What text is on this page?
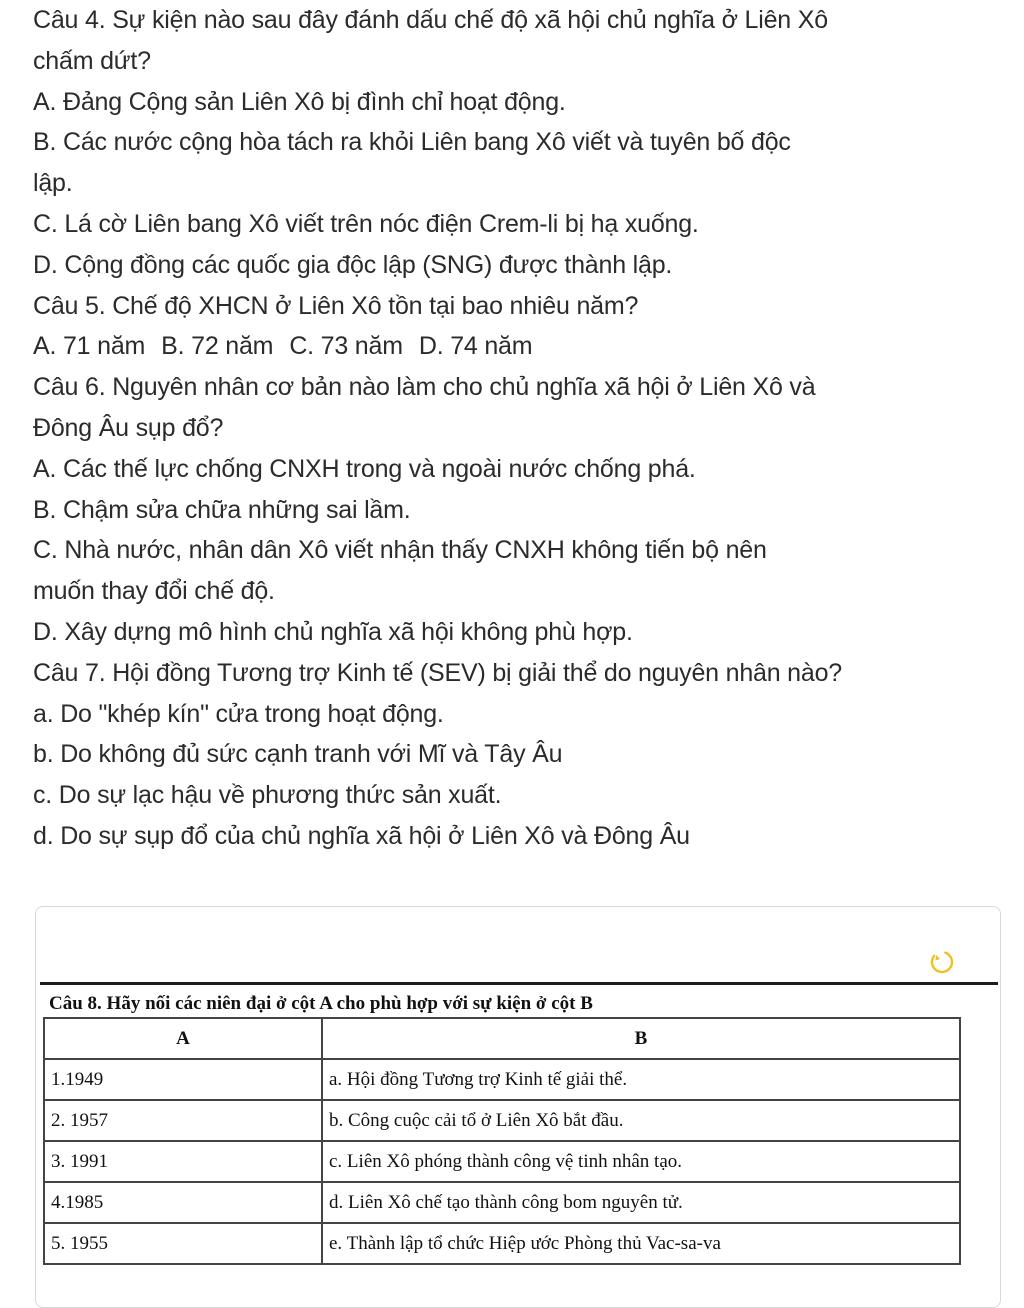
Câu 4. Sự kiện nào sau đây đánh dấu chế độ xã hội chủ nghĩa ở Liên Xô
chấm dứt?
A. Đảng Cộng sản Liên Xô bị đình chỉ hoạt động.
B. Các nước cộng hòa tách ra khỏi Liên bang Xô viết và tuyên bố độc
lập.
C. Lá cờ Liên bang Xô viết trên nóc điện Crem-li bị hạ xuống.
D. Cộng đồng các quốc gia độc lập (SNG) được thành lập.
Câu 5. Chế độ XHCN ở Liên Xô tồn tại bao nhiêu năm?
A. 71 năm B. 72 năm C. 73 năm D. 74 năm
Câu 6. Nguyên nhân cơ bản nào làm cho chủ nghĩa xã hội ở Liên Xô và
Đông Âu sụp đổ?
A. Các thế lực chống CNXH trong và ngoài nước chống phá.
B. Chậm sửa chữa những sai lầm.
C. Nhà nước, nhân dân Xô viết nhận thấy CNXH không tiến bộ nên
muốn thay đổi chế độ.
D. Xây dựng mô hình chủ nghĩa xã hội không phù hợp.
Câu 7. Hội đồng Tương trợ Kinh tế (SEV) bị giải thể do nguyên nhân nào?
a. Do "khép kín" cửa trong hoạt động.
b. Do không đủ sức cạnh tranh với Mĩ và Tây Âu
c. Do sự lạc hậu về phương thức sản xuất.
d. Do sự sụp đổ của chủ nghĩa xã hội ở Liên Xô và Đông Âu
Câu 8. Hãy nối các niên đại ở cột A cho phù hợp với sự kiện ở cột B
A	B
1.1949	a. Hội đồng Tương trợ Kinh tế giải thể.
2. 1957	b. Công cuộc cải tổ ở Liên Xô bắt đầu.
3. 1991	c. Liên Xô phóng thành công vệ tinh nhân tạo.
4.1985	d. Liên Xô chế tạo thành công bom nguyên tử.
5. 1955	e. Thành lập tổ chức Hiệp ước Phòng thủ Vac-sa-va
